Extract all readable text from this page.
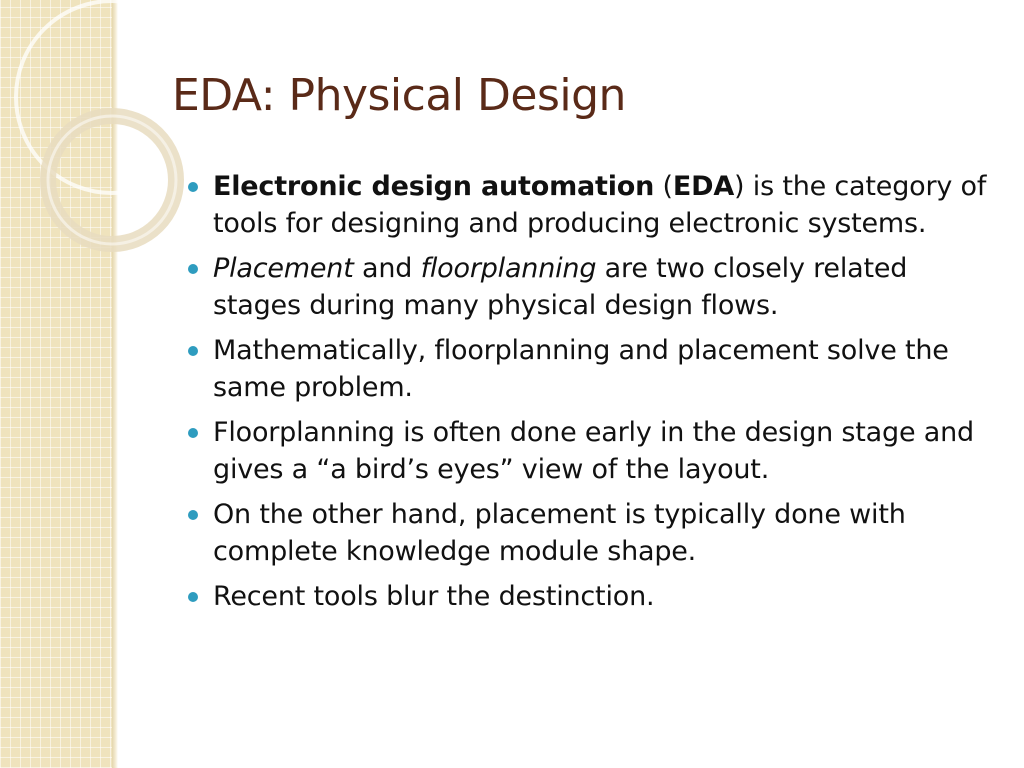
EDA: Physical Design
Electronic design automation (EDA) is the category of tools for designing and producing electronic systems.
Placement and floorplanning are two closely related stages during many physical design flows.
Mathematically, floorplanning and placement solve the same problem.
Floorplanning is often done early in the design stage and gives a “a bird’s eyes” view of the layout.
On the other hand, placement is typically done with complete knowledge module shape.
Recent tools blur the destinction.
